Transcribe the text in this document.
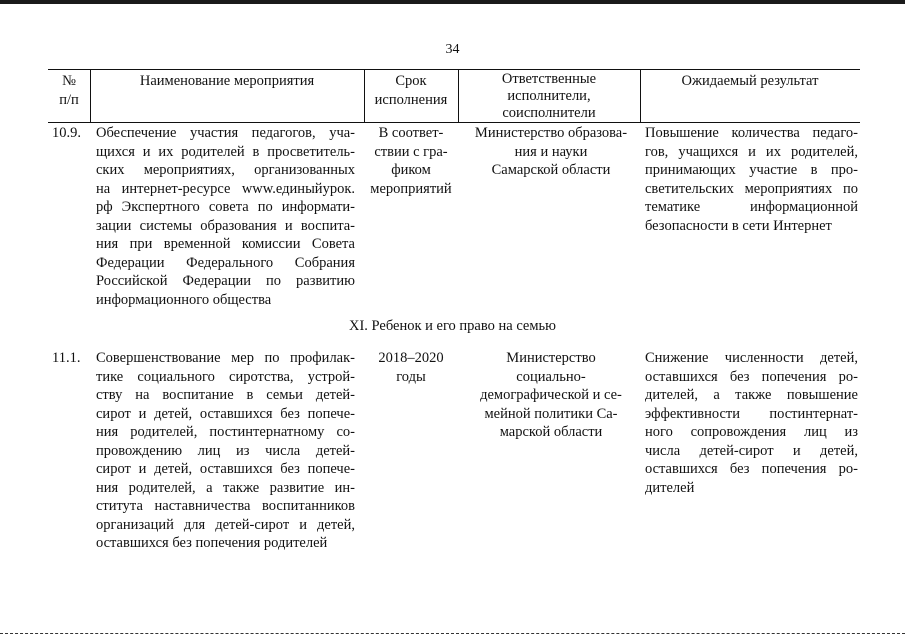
34
№
п/п
Наименование мероприятия	Срок
исполнения
Ответственные
исполнители,
соисполнители
Ожидаемый результат
10.9. Обеспечение участия педагогов, уча-
щихся и их родителей в просветитель-
ских мероприятиях, организованных
на интернет-ресурсе www.единыйурок.
рф Экспертного совета по информати-
зации системы образования и воспита-
ния при временной комиссии Совета
Федерации Федерального Собрания
Российской Федерации по развитию
информационного общества
В соответ-
ствии с гра-
фиком
мероприятий
Министерство образова-
ния и науки
Самарской области
Повышение количества педаго-
гов, учащихся и их родителей,
принимающих участие в про-
светительских мероприятиях по
тематике информационной
безопасности в сети Интернет
XI. Ребенок и его право на семью
11.1. Совершенствование мер по профилак-
тике социального сиротства, устрой-
ству на воспитание в семьи детей-
сирот и детей, оставшихся без попече-
ния родителей, постинтернатному со-
провождению лиц из числа детей-
сирот и детей, оставшихся без попече-
ния родителей, а также развитие ин-
ститута наставничества воспитанников
организаций для детей-сирот и детей,
оставшихся без попечения родителей
2018–2020
годы
Министерство
социально-
демографической и се-
мейной политики Са-
марской области
Снижение численности детей,
оставшихся без попечения ро-
дителей, а также повышение
эффективности постинтернат-
ного сопровождения лиц из
числа детей-сирот и детей,
оставшихся без попечения ро-
дителей
